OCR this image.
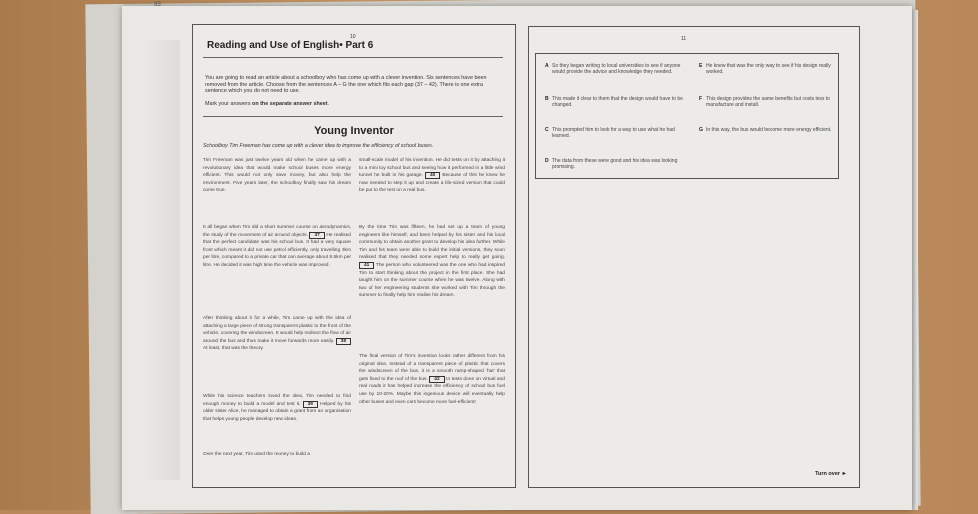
95
10
Reading and Use of English• Part 6
You are going to read an article about a schoolboy who has come up with a clever invention. Six sentences have been removed from the article. Choose from the sentences A – G the one which fits each gap (37 – 42). There is one extra sentence which you do not need to use.
Mark your answers on the separate answer sheet.
Young Inventor
Schoolboy Tim Freeman has come up with a clever idea to improve the efficiency of school buses.
Tim Freeman was just twelve years old when he came up with a revolutionary idea that would make school buses more energy efficient. This would not only save money, but also help the environment. Five years later, the schoolboy finally saw his dream come true.
It all began when Tim did a short summer course on aerodynamics, the study of the movement of air around objects. 37 He realised that the perfect candidate was his school bus. It had a very square front which meant it did not use petrol efficiently, only travelling 3km per litre, compared to a private car that can average about 8.5km per litre. He decided it was high time the vehicle was improved.
After thinking about it for a while, Tim came up with the idea of attaching a large piece of strong transparent plastic to the front of the vehicle, covering the windscreen. It would help redirect the flow of air around the bus and thus make it move forwards more easily. 38 At least, that was the theory.
While his science teachers loved the idea, Tim needed to find enough money to build a model and test it. 39 Helped by his older sister Alice, he managed to obtain a grant from an organisation that helps young people develop new ideas.
Over the next year, Tim used the money to build a
small-scale model of his invention. He did tests on it by attaching it to a mini toy school bus and seeing how it performed in a little wind tunnel he built in his garage. 40 Because of this he knew he now needed to step it up and create a life-sized version that could be put to the test on a real bus.
By the time Tim was fifteen, he had set up a team of young engineers like himself, and been helped by his sister and his local community to obtain another grant to develop his idea further. While Tim and his team were able to build the initial versions, they soon realised that they needed some expert help to really get going. 41 The person who volunteered was the one who had inspired Tim to start thinking about the project in the first place. She had taught him on the summer course when he was twelve. Along with two of her engineering students she worked with Tim through the summer to finally help him realise his dream.
The final version of Tim's invention looks rather different from his original idea. Instead of a transparent piece of plastic that covers the windscreen of the bus, it is a smooth ramp-shaped 'hat' that gets fixed to the roof of the bus. 42 In tests done on virtual and real roads it has helped increase the efficiency of school bus fuel use by 10-20%. Maybe this ingenious device will eventually help other buses and even cars become more fuel-efficient!
11
A So they began writing to local universities to see if anyone would provide the advice and knowledge they needed.
B This made it clear to them that the design would have to be changed.
C This prompted him to look for a way to use what he had learned.
D The data from these were good and his idea was looking promising.
E He knew that was the only way to see if his design really worked.
F This design provides the same benefits but costs less to manufacture and install.
G In this way, the bus would become more energy efficient.
Turn over ►
